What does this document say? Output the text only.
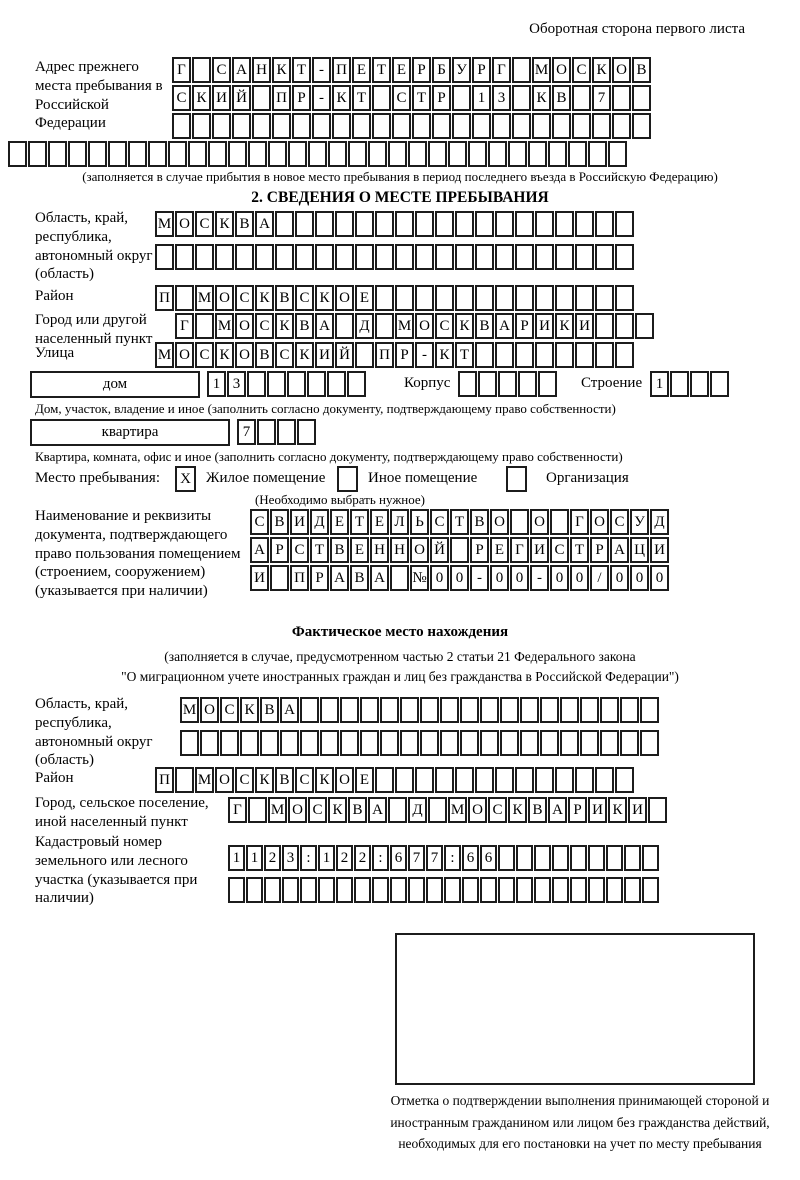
Оборотная сторона первого листа
Адрес прежнего места пребывания в Российской Федерации
Г	С А Н К Т - П Е Т Е Р Б У Р Г	М О С К О В
С К И Й П Р - К Т	С Т Р	1 3	К В	7
(заполняется в случае прибытия в новое место пребывания в период последнего въезда в Российскую Федерацию)
2. СВЕДЕНИЯ О МЕСТЕ ПРЕБЫВАНИЯ
Область, край, республика, автономный округ (область)
М О С К В А
Район	П М О С К В С К О Е
Город или другой населенный пункт
Г	М О С К В А Д М О С К В А Р И К И
Улица	М О С К О В С К И Й П Р - К Т
дом	1 3	Корпус	Строение 1
Дом, участок, владение и иное (заполнить согласно документу, подтверждающему право собственности)
квартира	7
Квартира, комната, офис и иное (заполнить согласно документу, подтверждающему право собственности)
Место пребывания:	X	Жилое помещение	Иное помещение	Организация
(Необходимо выбрать нужное)
Наименование и реквизиты документа, подтверждающего право пользования помещением (строением, сооружением) (указывается при наличии)
С В И Д Е Т Е Л Ь С Т В О О	Г О С У Д
А Р С Т В Е Н Н О Й	Р Е Г И С Т Р А Ц И
И П Р А В А № 0 0 - 0 0 - 0 0 / 0 0 0
Фактическое место нахождения
(заполняется в случае, предусмотренном частью 2 статьи 21 Федерального закона
"О миграционном учете иностранных граждан и лиц без гражданства в Российской Федерации")
Область, край, республика, автономный округ (область)
М О С К В А
Район	П М О С К В С К О Е
Город, сельское поселение, иной населенный пункт
Г	М О С К В А Д М О С К В А Р И К И
Кадастровый номер земельного или лесного участка (указывается при наличии)
1 1 2 3 : 1 2 2 : 6 7 7 : 6 6
Отметка о подтверждении выполнения принимающей стороной и иностранным гражданином или лицом без гражданства действий, необходимых для его постановки на учет по месту пребывания
